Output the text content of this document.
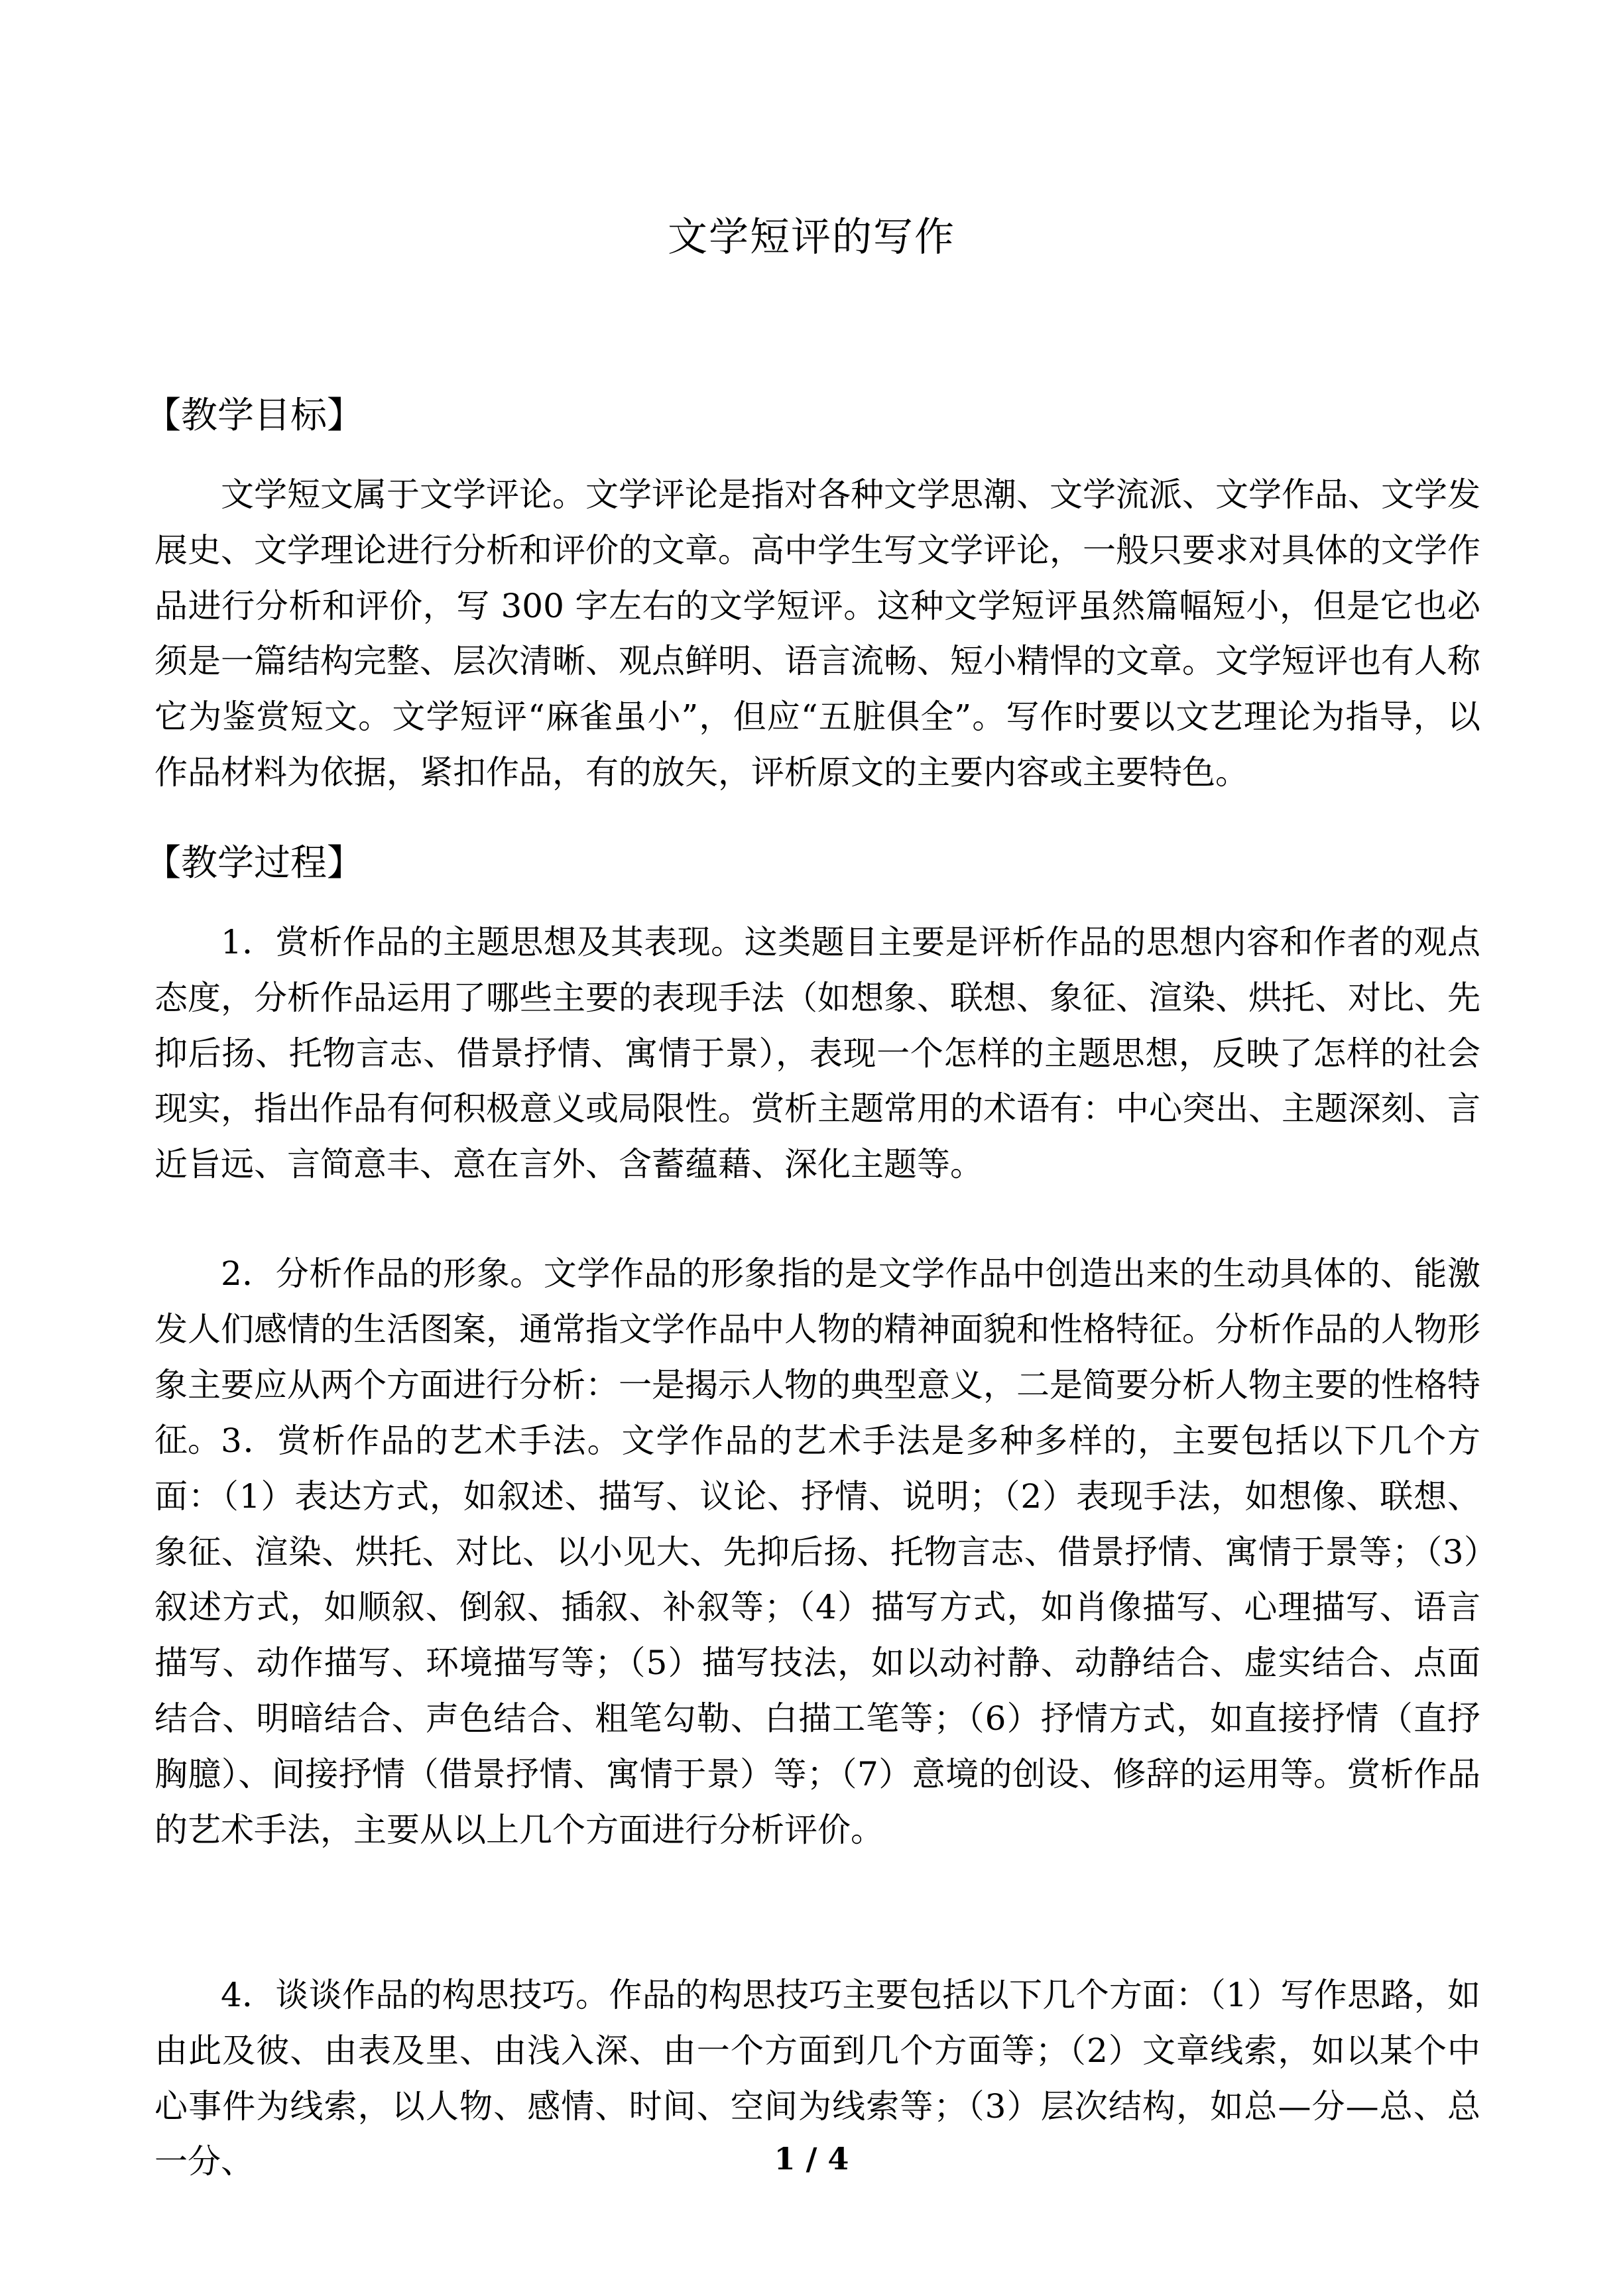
文学短评的写作
【教学目标】

文学短文属于文学评论。文学评论是指对各种文学思潮、文学流派、文学作品、文学发展史、文学理论进行分析和评价的文章。高中学生写文学评论，一般只要求对具体的文学作品进行分析和评价，写 300 字左右的文学短评。这种文学短评虽然篇幅短小，但是它也必须是一篇结构完整、层次清晰、观点鲜明、语言流畅、短小精悍的文章。文学短评也有人称它为鉴赏短文。文学短评“麻雀虽小”，但应“五脏俱全”。写作时要以文艺理论为指导，以作品材料为依据，紧扣作品，有的放矢，评析原文的主要内容或主要特色。

【教学过程】

1．赏析作品的主题思想及其表现。这类题目主要是评析作品的思想内容和作者的观点态度，分析作品运用了哪些主要的表现手法（如想象、联想、象征、渲染、烘托、对比、先抑后扬、托物言志、借景抒情、寓情于景），表现一个怎样的主题思想，反映了怎样的社会现实，指出作品有何积极意义或局限性。赏析主题常用的术语有：中心突出、主题深刻、言近旨远、言简意丰、意在言外、含蓄蕴藉、深化主题等。

2．分析作品的形象。文学作品的形象指的是文学作品中创造出来的生动具体的、能激发人们感情的生活图案，通常指文学作品中人物的精神面貌和性格特征。分析作品的人物形象主要应从两个方面进行分析：一是揭示人物的典型意义，二是简要分析人物主要的性格特征。 3．赏析作品的艺术手法。文学作品的艺术手法是多种多样的，主要包括以下几个方面：（1）表达方式，如叙述、描写、议论、抒情、说明；（2）表现手法，如想像、联想、象征、渲染、烘托、对比、以小见大、先抑后扬、托物言志、借景抒情、寓情于景等；（3）叙述方式，如顺叙、倒叙、插叙、补叙等；（4）描写方式，如肖像描写、心理描写、语言描写、动作描写、环境描写等；（5）描写技法，如以动衬静、动静结合、虚实结合、点面结合、明暗结合、声色结合、粗笔勾勒、白描工笔等；（6）抒情方式，如直接抒情（直抒胸臆）、间接抒情（借景抒情、寓情于景）等；（7）意境的创设、修辞的运用等。赏析作品的艺术手法，主要从以上几个方面进行分析评价。

4．谈谈作品的构思技巧。作品的构思技巧主要包括以下几个方面：（1）写作思路，如由此及彼、由表及里、由浅入深、由一个方面到几个方面等；（2）文章线索，如以某个中心事件为线索，以人物、感情、时间、空间为线索等；（3）层次结构，如总—分—总、总一分、	1 / 4
